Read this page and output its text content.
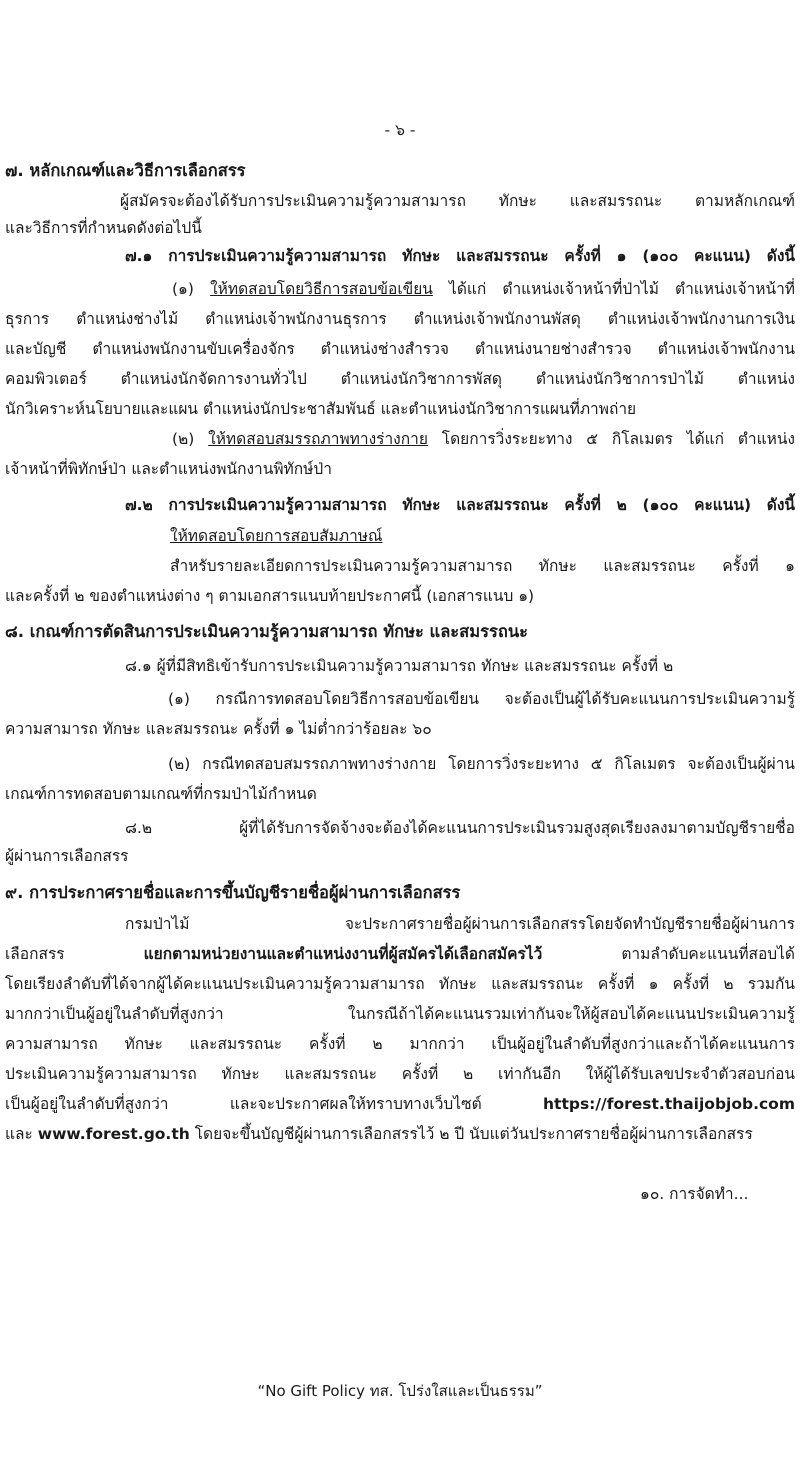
- ๖ -
๗. หลักเกณฑ์และวิธีการเลือกสรร
ผู้สมัครจะต้องได้รับการประเมินความรู้ความสามารถ ทักษะ และสมรรถนะ ตามหลักเกณฑ์
และวิธีการที่กำหนดดังต่อไปนี้
๗.๑ การประเมินความรู้ความสามารถ ทักษะ และสมรรถนะ ครั้งที่ ๑ (๑๐๐ คะแนน) ดังนี้
(๑) ให้ทดสอบโดยวิธีการสอบข้อเขียน ได้แก่ ตำแหน่งเจ้าหน้าที่ป่าไม้ ตำแหน่งเจ้าหน้าที่
ธุรการ ตำแหน่งช่างไม้ ตำแหน่งเจ้าพนักงานธุรการ ตำแหน่งเจ้าพนักงานพัสดุ ตำแหน่งเจ้าพนักงานการเงิน
และบัญชี ตำแหน่งพนักงานขับเครื่องจักร ตำแหน่งช่างสำรวจ ตำแหน่งนายช่างสำรวจ ตำแหน่งเจ้าพนักงาน
คอมพิวเตอร์ ตำแหน่งนักจัดการงานทั่วไป ตำแหน่งนักวิชาการพัสดุ ตำแหน่งนักวิชาการป่าไม้ ตำแหน่ง
นักวิเคราะห์นโยบายและแผน ตำแหน่งนักประชาสัมพันธ์ และตำแหน่งนักวิชาการแผนที่ภาพถ่าย
(๒) ให้ทดสอบสมรรถภาพทางร่างกาย โดยการวิ่งระยะทาง ๕ กิโลเมตร ได้แก่ ตำแหน่ง
เจ้าหน้าที่พิทักษ์ป่า และตำแหน่งพนักงานพิทักษ์ป่า
๗.๒ การประเมินความรู้ความสามารถ ทักษะ และสมรรถนะ ครั้งที่ ๒ (๑๐๐ คะแนน) ดังนี้
ให้ทดสอบโดยการสอบสัมภาษณ์
สำหรับรายละเอียดการประเมินความรู้ความสามารถ ทักษะ และสมรรถนะ ครั้งที่ ๑
และครั้งที่ ๒ ของตำแหน่งต่าง ๆ ตามเอกสารแนบท้ายประกาศนี้ (เอกสารแนบ ๑)
๘. เกณฑ์การตัดสินการประเมินความรู้ความสามารถ ทักษะ และสมรรถนะ
๘.๑ ผู้ที่มีสิทธิเข้ารับการประเมินความรู้ความสามารถ ทักษะ และสมรรถนะ ครั้งที่ ๒
(๑) กรณีการทดสอบโดยวิธีการสอบข้อเขียน จะต้องเป็นผู้ได้รับคะแนนการประเมินความรู้
ความสามารถ ทักษะ และสมรรถนะ ครั้งที่ ๑ ไม่ต่ำกว่าร้อยละ ๖๐
(๒) กรณีทดสอบสมรรถภาพทางร่างกาย โดยการวิ่งระยะทาง ๕ กิโลเมตร จะต้องเป็นผู้ผ่าน
เกณฑ์การทดสอบตามเกณฑ์ที่กรมป่าไม้กำหนด
๘.๒ ผู้ที่ได้รับการจัดจ้างจะต้องได้คะแนนการประเมินรวมสูงสุดเรียงลงมาตามบัญชีรายชื่อ
ผู้ผ่านการเลือกสรร
๙. การประกาศรายชื่อและการขึ้นบัญชีรายชื่อผู้ผ่านการเลือกสรร
กรมป่าไม้ จะประกาศรายชื่อผู้ผ่านการเลือกสรรโดยจัดทำบัญชีรายชื่อผู้ผ่านการ
เลือกสรร	แยกตามหน่วยงานและตำแหน่งงานที่ผู้สมัครได้เลือกสมัครไว้	ตามลำดับคะแนนที่สอบได้
โดยเรียงลำดับที่ได้จากผู้ได้คะแนนประเมินความรู้ความสามารถ ทักษะ และสมรรถนะ ครั้งที่ ๑ ครั้งที่ ๒ รวมกัน
มากกว่าเป็นผู้อยู่ในลำดับที่สูงกว่า ในกรณีถ้าได้คะแนนรวมเท่ากันจะให้ผู้สอบได้คะแนนประเมินความรู้
ความสามารถ ทักษะ และสมรรถนะ ครั้งที่ ๒ มากกว่า เป็นผู้อยู่ในลำดับที่สูงกว่าและถ้าได้คะแนนการ
ประเมินความรู้ความสามารถ ทักษะ และสมรรถนะ ครั้งที่ ๒ เท่ากันอีก ให้ผู้ได้รับเลขประจำตัวสอบก่อน
เป็นผู้อยู่ในลำดับที่สูงกว่า และจะประกาศผลให้ทราบทางเว็บไซต์	https://forest.thaijobjob.com
และ www.forest.go.th โดยจะขึ้นบัญชีผู้ผ่านการเลือกสรรไว้ ๒ ปี นับแต่วันประกาศรายชื่อผู้ผ่านการเลือกสรร
๑๐. การจัดทำ...
“No Gift Policy ทส. โปร่งใสและเป็นธรรม”
